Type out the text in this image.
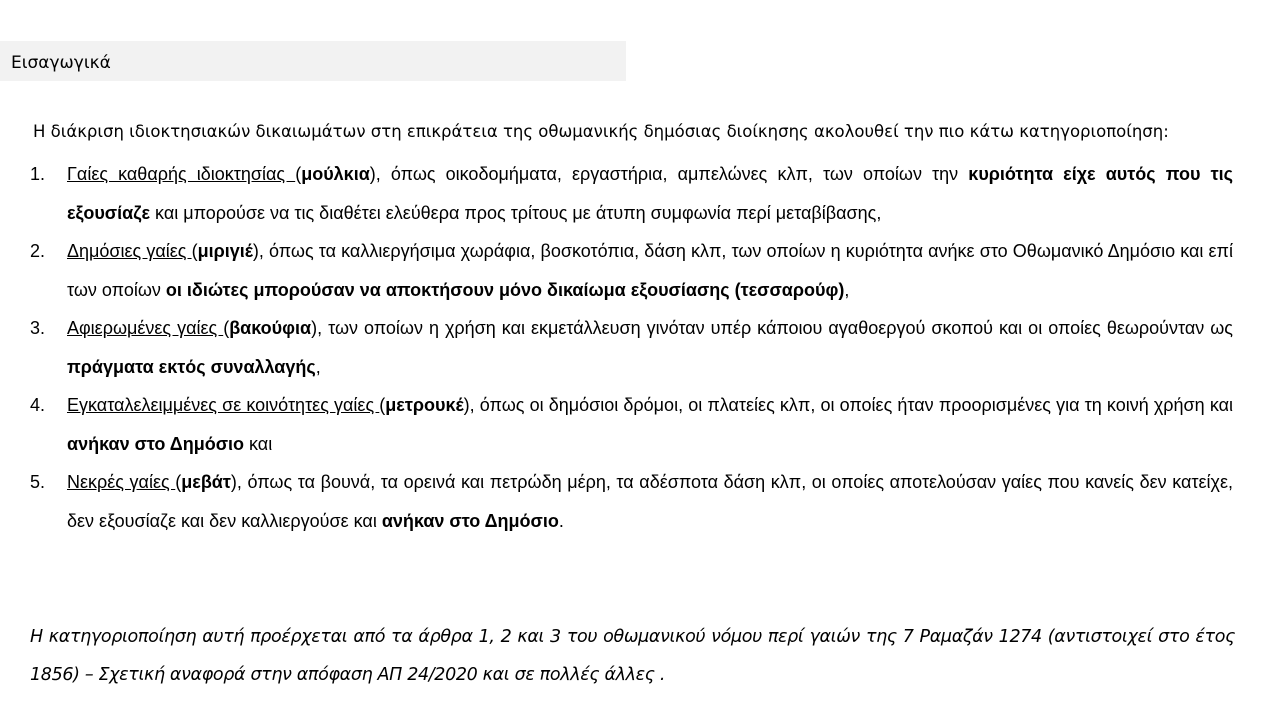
Εισαγωγικά
Η διάκριση ιδιοκτησιακών δικαιωμάτων στη επικράτεια της οθωμανικής δημόσιας διοίκησης ακολουθεί την πιο κάτω κατηγοριοποίηση:
1. Γαίες καθαρής ιδιοκτησίας (μούλκια), όπως οικοδομήματα, εργαστήρια, αμπελώνες κλπ, των οποίων την κυριότητα είχε αυτός που τις εξουσίαζε και μπορούσε να τις διαθέτει ελεύθερα προς τρίτους με άτυπη συμφωνία περί μεταβίβασης,
2. Δημόσιες γαίες (μιριγιέ), όπως τα καλλιεργήσιμα χωράφια, βοσκοτόπια, δάση κλπ, των οποίων η κυριότητα ανήκε στο Οθωμανικό Δημόσιο και επί των οποίων οι ιδιώτες μπορούσαν να αποκτήσουν μόνο δικαίωμα εξουσίασης (τεσσαρούφ),
3. Αφιερωμένες γαίες (βακούφια), των οποίων η χρήση και εκμετάλλευση γινόταν υπέρ κάποιου αγαθοεργού σκοπού και οι οποίες θεωρούνταν ως πράγματα εκτός συναλλαγής,
4. Εγκαταλελειμμένες σε κοινότητες γαίες (μετρουκέ), όπως οι δημόσιοι δρόμοι, οι πλατείες κλπ, οι οποίες ήταν προορισμένες για τη κοινή χρήση και ανήκαν στο Δημόσιο και
5. Νεκρές γαίες (μεβάτ), όπως τα βουνά, τα ορεινά και πετρώδη μέρη, τα αδέσποτα δάση κλπ, οι οποίες αποτελούσαν γαίες που κανείς δεν κατείχε, δεν εξουσίαζε και δεν καλλιεργούσε και ανήκαν στο Δημόσιο.
Η κατηγοριοποίηση αυτή προέρχεται από τα άρθρα 1, 2 και 3 του οθωμανικού νόμου περί γαιών της 7 Ραμαζάν 1274 (αντιστοιχεί στο έτος 1856) – Σχετική αναφορά στην απόφαση ΑΠ 24/2020 και σε πολλές άλλες .
